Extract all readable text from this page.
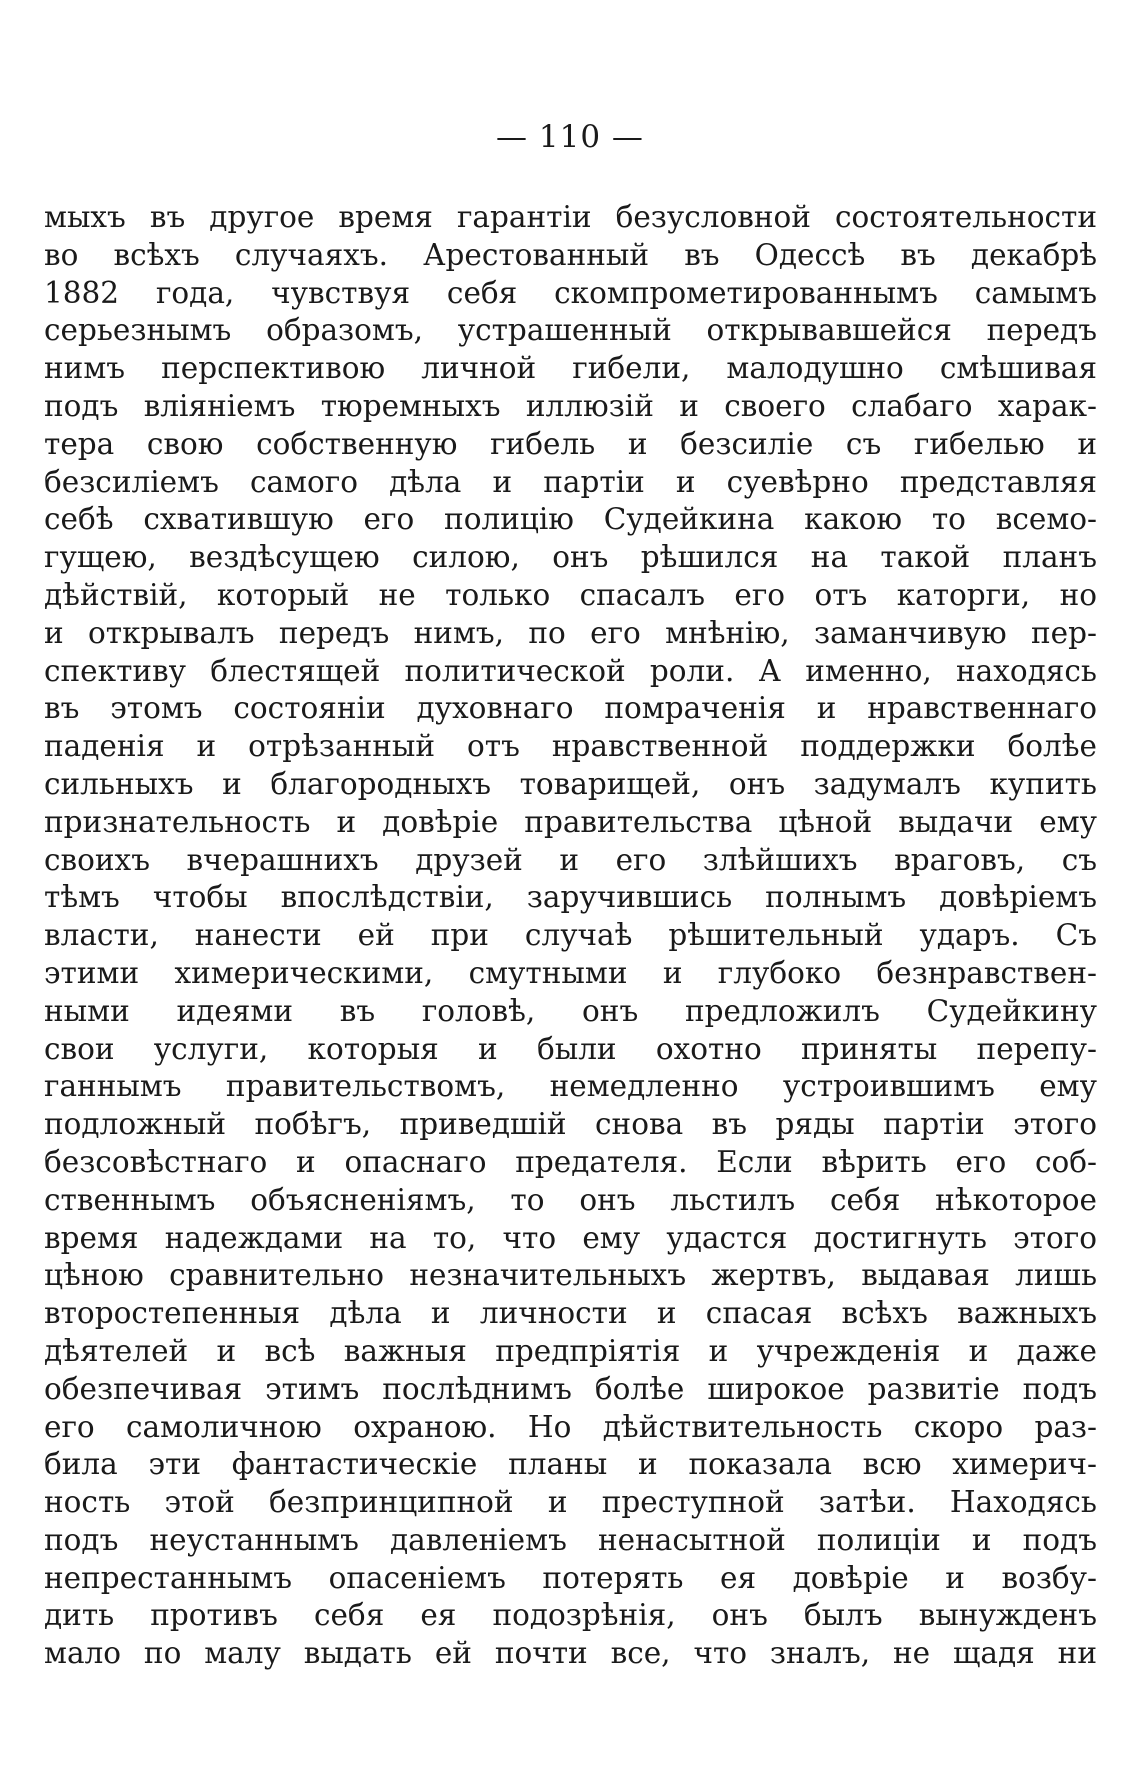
— 110 —
мыхъ въ другое время гарантіи безусловной состоятельности
во всѣхъ случаяхъ. Арестованный въ Одессѣ въ декабрѣ
1882 года, чувствуя себя скомпрометированнымъ самымъ
серьезнымъ образомъ, устрашенный открывавшейся передъ
нимъ перспективою личной гибели, малодушно смѣшивая
подъ вліяніемъ тюремныхъ иллюзій и своего слабаго харак-
тера свою собственную гибель и безсиліе съ гибелью и
безсиліемъ самого дѣла и партіи и суевѣрно представляя
себѣ схватившую его полицію Судейкина какою то всемо-
гущею, вездѣсущею силою, онъ рѣшился на такой планъ
дѣйствій, который не только спасалъ его отъ каторги, но
и открывалъ передъ нимъ, по его мнѣнію, заманчивую пер-
спективу блестящей политической роли. А именно, находясь
въ этомъ состояніи духовнаго помраченія и нравственнаго
паденія и отрѣзанный отъ нравственной поддержки болѣе
сильныхъ и благородныхъ товарищей, онъ задумалъ купить
признательность и довѣріе правительства цѣной выдачи ему
своихъ вчерашнихъ друзей и его злѣйшихъ враговъ, съ
тѣмъ чтобы впослѣдствіи, заручившись полнымъ довѣріемъ
власти, нанести ей при случаѣ рѣшительный ударъ. Съ
этими химерическими, смутными и глубоко безнравствен-
ными идеями въ головѣ, онъ предложилъ Судейкину
свои услуги, которыя и были охотно приняты перепу-
ганнымъ правительствомъ, немедленно устроившимъ ему
подложный побѣгъ, приведшій снова въ ряды партіи этого
безсовѣстнаго и опаснаго предателя. Если вѣрить его соб-
ственнымъ объясненіямъ, то онъ льстилъ себя нѣкоторое
время надеждами на то, что ему удастся достигнуть этого
цѣною сравнительно незначительныхъ жертвъ, выдавая лишь
второстепенныя дѣла и личности и спасая всѣхъ важныхъ
дѣятелей и всѣ важныя предпріятія и учрежденія и даже
обезпечивая этимъ послѣднимъ болѣе широкое развитіе подъ
его самоличною охраною. Но дѣйствительность скоро раз-
била эти фантастическіе планы и показала всю химерич-
ность этой безпринципной и преступной затѣи. Находясь
подъ неустаннымъ давленіемъ ненасытной полиціи и подъ
непрестаннымъ опасеніемъ потерять ея довѣріе и возбу-
дить противъ себя ея подозрѣнія, онъ былъ вынужденъ
мало по малу выдать ей почти все, что зналъ, не щадя ни
